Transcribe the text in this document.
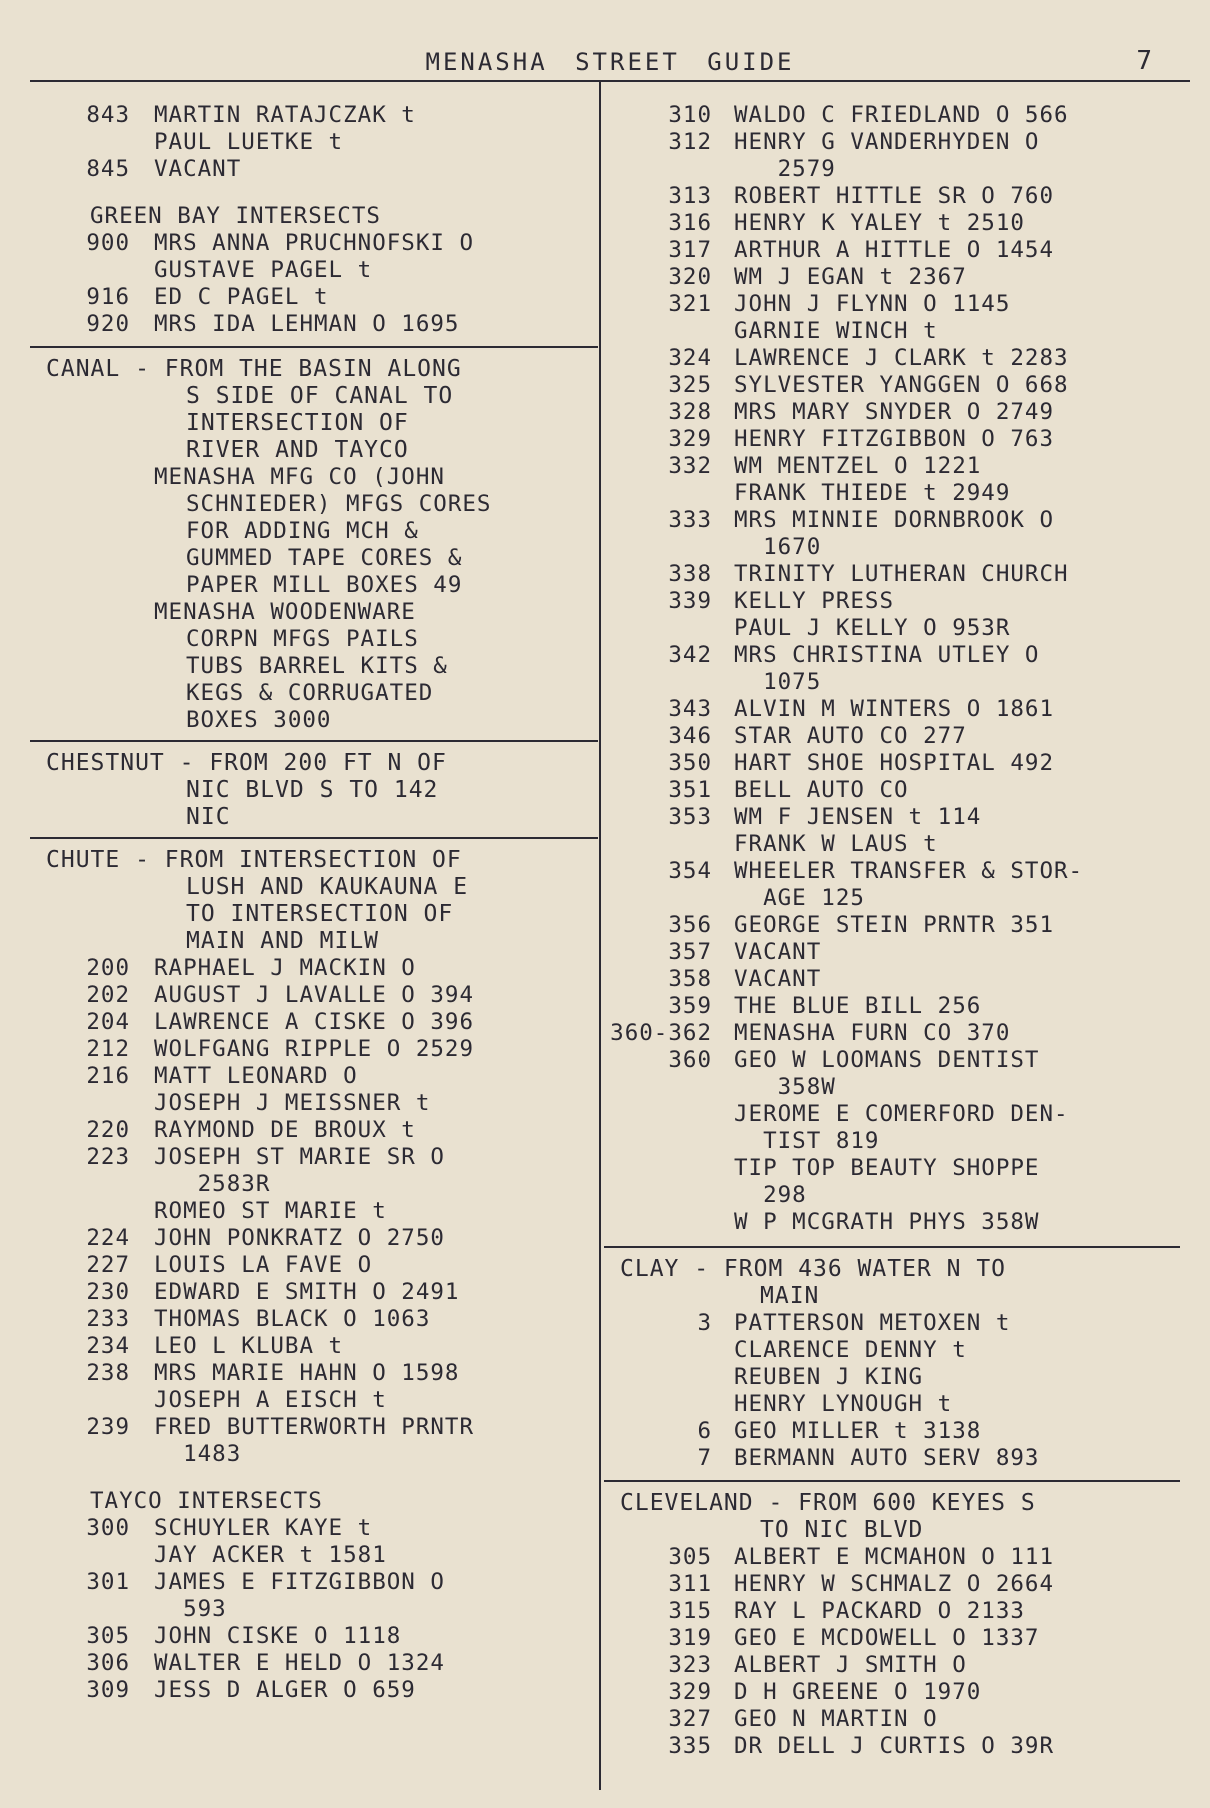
MENASHA STREET GUIDE	7
843	MARTIN RATAJCZAK t
PAUL LUETKE t
845	VACANT
GREEN BAY INTERSECTS
900	MRS ANNA PRUCHNOFSKI O
GUSTAVE PAGEL t
916	ED C PAGEL t
920	MRS IDA LEHMAN O 1695
CANAL - FROM THE BASIN ALONG
S SIDE OF CANAL TO
INTERSECTION OF
RIVER AND TAYCO
MENASHA MFG CO (JOHN
SCHNIEDER) MFGS CORES
FOR ADDING MCH &
GUMMED TAPE CORES &
PAPER MILL BOXES 49
MENASHA WOODENWARE
CORPN MFGS PAILS
TUBS BARREL KITS &
KEGS & CORRUGATED
BOXES 3000
CHESTNUT - FROM 200 FT N OF
NIC BLVD S TO 142
NIC
CHUTE - FROM INTERSECTION OF
LUSH AND KAUKAUNA E
TO INTERSECTION OF
MAIN AND MILW
200	RAPHAEL J MACKIN O
202	AUGUST J LAVALLE O 394
204	LAWRENCE A CISKE O 396
212	WOLFGANG RIPPLE O 2529
216	MATT LEONARD O
JOSEPH J MEISSNER t
220	RAYMOND DE BROUX t
223	JOSEPH ST MARIE SR O
2583R
ROMEO ST MARIE t
224	JOHN PONKRATZ O 2750
227	LOUIS LA FAVE O
230	EDWARD E SMITH O 2491
233	THOMAS BLACK O 1063
234	LEO L KLUBA t
238	MRS MARIE HAHN O 1598
JOSEPH A EISCH t
239	FRED BUTTERWORTH PRNTR
1483
TAYCO INTERSECTS
300	SCHUYLER KAYE t
JAY ACKER t 1581
301	JAMES E FITZGIBBON O
593
305	JOHN CISKE O 1118
306	WALTER E HELD O 1324
309	JESS D ALGER O 659
310 WALDO C FRIEDLAND O 566
312 HENRY G VANDERHYDEN O
2579
313 ROBERT HITTLE SR O 760
316 HENRY K YALEY t 2510
317 ARTHUR A HITTLE O 1454
320 WM J EGAN t 2367
321 JOHN J FLYNN O 1145
GARNIE WINCH t
324 LAWRENCE J CLARK t 2283
325 SYLVESTER YANGGEN O 668
328 MRS MARY SNYDER O 2749
329 HENRY FITZGIBBON O 763
332 WM MENTZEL O 1221
FRANK THIEDE t 2949
333 MRS MINNIE DORNBROOK O
1670
338 TRINITY LUTHERAN CHURCH
339 KELLY PRESS
PAUL J KELLY O 953R
342 MRS CHRISTINA UTLEY O
1075
343 ALVIN M WINTERS O 1861
346 STAR AUTO CO 277
350 HART SHOE HOSPITAL 492
351 BELL AUTO CO
353 WM F JENSEN t 114
FRANK W LAUS t
354 WHEELER TRANSFER & STOR-
AGE 125
356 GEORGE STEIN PRNTR 351
357 VACANT
358 VACANT
359 THE BLUE BILL 256
360-362 MENASHA FURN CO 370
360 GEO W LOOMANS DENTIST
358W
JEROME E COMERFORD DEN-
TIST 819
TIP TOP BEAUTY SHOPPE
298
W P MCGRATH PHYS 358W
CLAY - FROM 436 WATER N TO
MAIN
3 PATTERSON METOXEN t
CLARENCE DENNY t
REUBEN J KING
HENRY LYNOUGH t
6 GEO MILLER t 3138
7 BERMANN AUTO SERV 893
CLEVELAND - FROM 600 KEYES S
TO NIC BLVD
305 ALBERT E MCMAHON O 111
311 HENRY W SCHMALZ O 2664
315 RAY L PACKARD O 2133
319 GEO E MCDOWELL O 1337
323 ALBERT J SMITH O
329 D H GREENE O 1970
327 GEO N MARTIN O
335 DR DELL J CURTIS O 39R
